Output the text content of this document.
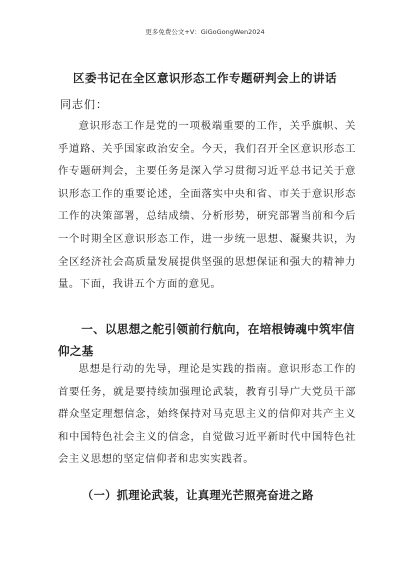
更多免费公文+V：GiGoGongWen2024
区委书记在全区意识形态工作专题研判会上的讲话
同志们：
意识形态工作是党的一项极端重要的工作，关乎旗帜、关乎道路、关乎国家政治安全。今天，我们召开全区意识形态工作专题研判会，主要任务是深入学习贯彻习近平总书记关于意识形态工作的重要论述，全面落实中央和省、市关于意识形态工作的决策部署，总结成绩、分析形势，研究部署当前和今后一个时期全区意识形态工作，进一步统一思想、凝聚共识，为全区经济社会高质量发展提供坚强的思想保证和强大的精神力量。下面，我讲五个方面的意见。
一、以思想之舵引领前行航向，在培根铸魂中筑牢信仰之基
思想是行动的先导，理论是实践的指南。意识形态工作的首要任务，就是要持续加强理论武装，教育引导广大党员干部群众坚定理想信念，始终保持对马克思主义的信仰对共产主义和中国特色社会主义的信念，自觉做习近平新时代中国特色社会主义思想的坚定信仰者和忠实实践者。
（一）抓理论武装，让真理光芒照亮奋进之路
